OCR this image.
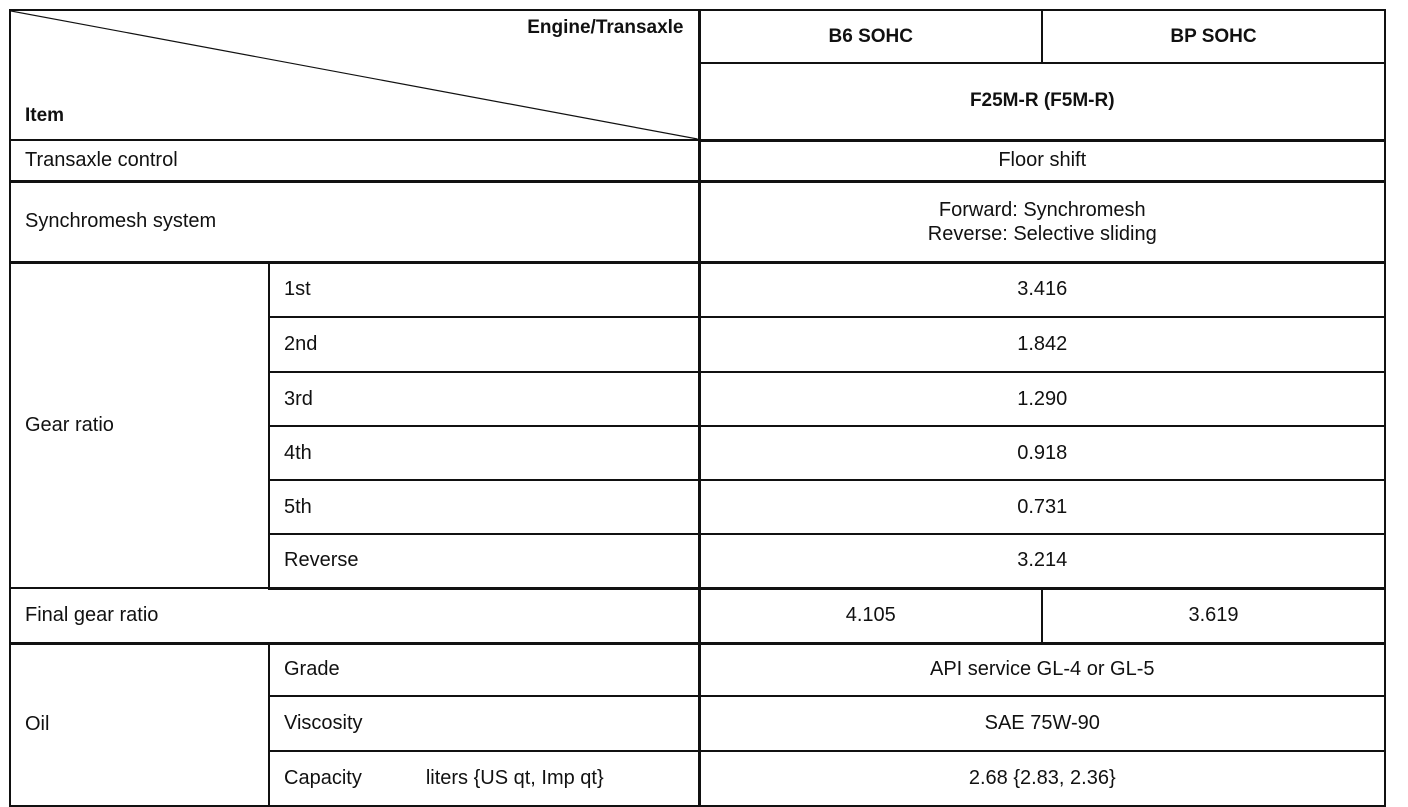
Engine/Transaxle
Item		B6 SOHC	BP SOHC
		F25M-R (F5M-R)	
Transaxle control		Floor shift	
Synchromesh system		Forward: Synchromesh
Reverse: Selective sliding	

Gear ratio	1st	3.416	
	2nd	1.842	
	3rd	1.290	
	4th	0.918	
	5th	0.731	
	Reverse	3.214	
Final gear ratio		4.105	3.619
Oil	Grade	API service GL-4 or GL-5	
	Viscosity	SAE 75W-90	
	Capacity liters {US qt, Imp qt}	2.68 {2.83, 2.36}	
